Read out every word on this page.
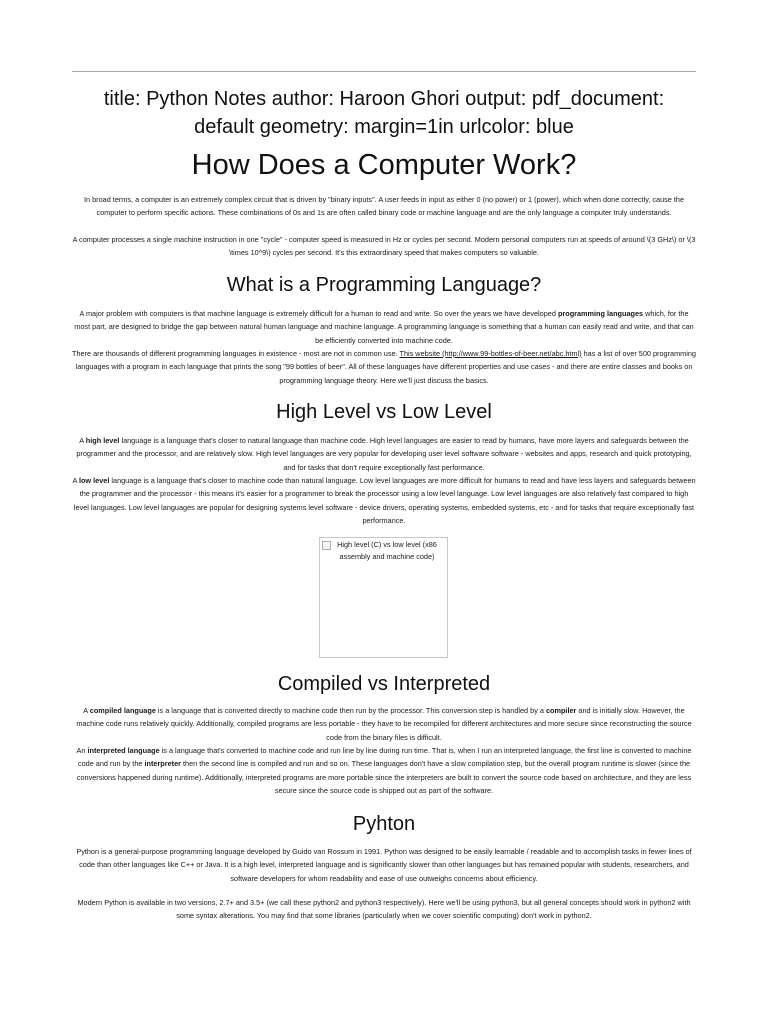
title: Python Notes author: Haroon Ghori output: pdf_document: default geometry: margin=1in urlcolor: blue
How Does a Computer Work?

In broad terms, a computer is an extremely complex circuit that is driven by "binary inputs". A user feeds in input as either 0 (no power) or 1 (power), which when done correctly, cause the computer to perform specific actions. These combinations of 0s and 1s are often called binary code or machine language and are the only language a computer truly understands.

A computer processes a single machine instruction in one "cycle" - computer speed is measured in Hz or cycles per second. Modern personal computers run at speeds of around \(3 GHz\) or \(3 \times 10^9\) cycles per second. It's this extraordinary speed that makes computers so valuable.

What is a Programming Language?

A major problem with computers is that machine language is extremely difficult for a human to read and write. So over the years we have developed programming languages which, for the most part, are designed to bridge the gap between natural human language and machine language. A programming language is something that a human can easily read and write, and that can be efficiently converted into machine code.

There are thousands of different programming languages in existence - most are not in common use. This website (http://www.99-bottles-of-beer.net/abc.html) has a list of over 500 programming languages with a program in each language that prints the song "99 bottles of beer". All of these languages have different properties and use cases - and there are entire classes and books on programming language theory. Here we'll just discuss the basics.

High Level vs Low Level

A high level language is a language that's closer to natural language than machine code. High level languages are easier to read by humans, have more layers and safeguards between the programmer and the processor, and are relatively slow. High level languages are very popular for developing user level software software - websites and apps, research and quick prototyping, and for tasks that don't require exceptionally fast performance.

A low level language is a language that's closer to machine code than natural language. Low level languages are more difficult for humans to read and have less layers and safeguards between the programmer and the processor - this means it's easier for a programmer to break the processor using a low level language. Low level languages are also relatively fast compared to high level languages. Low level languages are popular for designing systems level software - device drivers, operating systems, embedded systems, etc - and for tasks that require exceptionally fast performance.

High level (C) vs low level (x86 assembly and machine code)
Compiled vs Interpreted

A compiled language is a language that is converted directly to machine code then run by the processor. This conversion step is handled by a compiler and is initially slow. However, the machine code runs relatively quickly. Additionally, compiled programs are less portable - they have to be recompiled for different architectures and more secure since reconstructing the source code from the binary files is difficult.

An interpreted language is a language that's converted to machine code and run line by line during run time. That is, when I run an interpreted language, the first line is converted to machine code and run by the interpreter then the second line is compiled and run and so on. These languages don't have a slow compilation step, but the overall program runtime is slower (since the conversions happened during runtime). Additionally, interpreted programs are more portable since the interpreters are built to convert the source code based on architecture, and they are less secure since the source code is shipped out as part of the software.

Pyhton

Python is a general-purpose programming language developed by Guido van Rossum in 1991. Python was designed to be easily learnable / readable and to accomplish tasks in fewer lines of code than other languages like C++ or Java. It is a high level, interpreted language and is significantly slower than other languages but has remained popular with students, researchers, and software developers for whom readability and ease of use outweighs concerns about efficiency.

Modern Python is available in two versions, 2.7+ and 3.5+ (we call these python2 and python3 respectively). Here we'll be using python3, but all general concepts should work in python2 with some syntax alterations. You may find that some libraries (particularly when we cover scientific computing) don't work in python2.
